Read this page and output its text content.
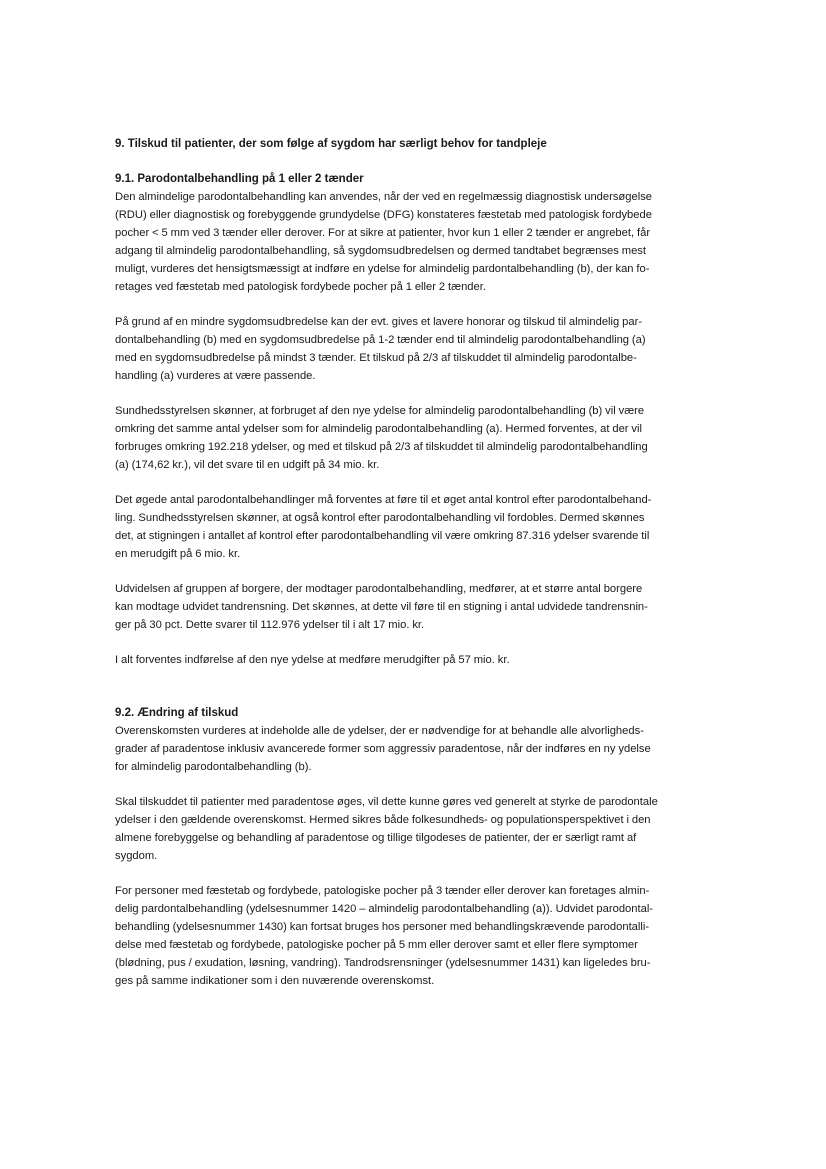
9. Tilskud til patienter, der som følge af sygdom har særligt behov for tandpleje

9.1. Parodontalbehandling på 1 eller 2 tænder

Den almindelige parodontalbehandling kan anvendes, når der ved en regelmæssig diagnostisk undersøgelse
(RDU) eller diagnostisk og forebyggende grundydelse (DFG) konstateres fæstetab med patologisk fordybede
pocher < 5 mm ved 3 tænder eller derover. For at sikre at patienter, hvor kun 1 eller 2 tænder er angrebet, får
adgang til almindelig parodontalbehandling, så sygdomsudbredelsen og dermed tandtabet begrænses mest
muligt, vurderes det hensigtsmæssigt at indføre en ydelse for almindelig pardontalbehandling (b), der kan fo-
retages ved fæstetab med patologisk fordybede pocher på 1 eller 2 tænder.

På grund af en mindre sygdomsudbredelse kan der evt. gives et lavere honorar og tilskud til almindelig par-
dontalbehandling (b) med en sygdomsudbredelse på 1-2 tænder end til almindelig parodontalbehandling (a)
med en sygdomsudbredelse på mindst 3 tænder. Et tilskud på 2/3 af tilskuddet til almindelig parodontalbe-
handling (a) vurderes at være passende.

Sundhedsstyrelsen skønner, at forbruget af den nye ydelse for almindelig parodontalbehandling (b) vil være
omkring det samme antal ydelser som for almindelig parodontalbehandling (a). Hermed forventes, at der vil
forbruges omkring 192.218 ydelser, og med et tilskud på 2/3 af tilskuddet til almindelig parodontalbehandling
(a) (174,62 kr.), vil det svare til en udgift på 34 mio. kr.

Det øgede antal parodontalbehandlinger må forventes at føre til et øget antal kontrol efter parodontalbehand-
ling. Sundhedsstyrelsen skønner, at også kontrol efter parodontalbehandling vil fordobles. Dermed skønnes
det, at stigningen i antallet af kontrol efter parodontalbehandling vil være omkring 87.316 ydelser svarende til
en merudgift på 6 mio. kr.

Udvidelsen af gruppen af borgere, der modtager parodontalbehandling, medfører, at et større antal borgere
kan modtage udvidet tandrensning. Det skønnes, at dette vil føre til en stigning i antal udvidede tandrensnin-
ger på 30 pct. Dette svarer til 112.976 ydelser til i alt 17 mio. kr.

I alt forventes indførelse af den nye ydelse at medføre merudgifter på 57 mio. kr.

9.2. Ændring af tilskud

Overenskomsten vurderes at indeholde alle de ydelser, der er nødvendige for at behandle alle alvorligheds-
grader af paradentose inklusiv avancerede former som aggressiv paradentose, når der indføres en ny ydelse
for almindelig parodontalbehandling (b).

Skal tilskuddet til patienter med paradentose øges, vil dette kunne gøres ved generelt at styrke de parodontale
ydelser i den gældende overenskomst. Hermed sikres både folkesundheds- og populationsperspektivet i den
almene forebyggelse og behandling af paradentose og tillige tilgodeses de patienter, der er særligt ramt af
sygdom.

For personer med fæstetab og fordybede, patologiske pocher på 3 tænder eller derover kan foretages almin-
delig pardontalbehandling (ydelsesnummer 1420 – almindelig parodontalbehandling (a)). Udvidet parodontal-
behandling (ydelsesnummer 1430) kan fortsat bruges hos personer med behandlingskrævende parodontalli-
delse med fæstetab og fordybede, patologiske pocher på 5 mm eller derover samt et eller flere symptomer
(blødning, pus / exudation, løsning, vandring). Tandrodsrensninger (ydelsesnummer 1431) kan ligeledes bru-
ges på samme indikationer som i den nuværende overenskomst.
